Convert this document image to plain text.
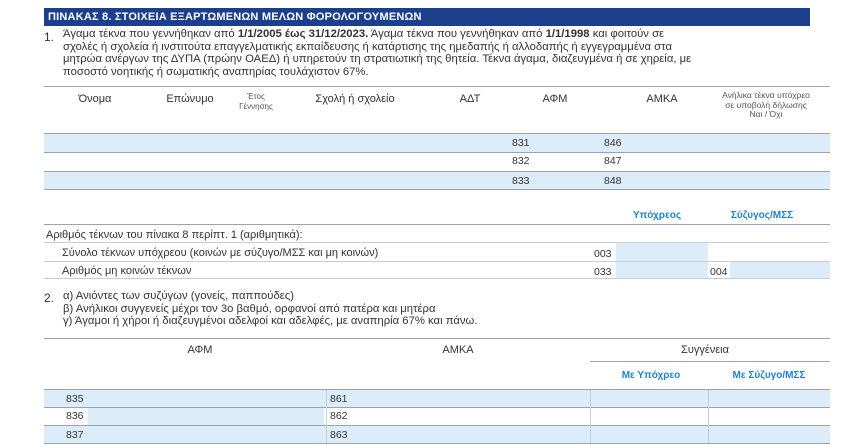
ΠΙΝΑΚΑΣ 8. ΣΤΟΙΧΕΙΑ ΕΞΑΡΤΩΜΕΝΩΝ ΜΕΛΩΝ ΦΟΡΟΛΟΓΟΥΜΕΝΩΝ
1. Άγαμα τέκνα που γεννήθηκαν από 1/1/2005 έως 31/12/2023. Άγαμα τέκνα που γεννήθηκαν από 1/1/1998 και φοιτούν σε
σχολές ή σχολεία ή ινστιτούτα επαγγελματικής εκπαίδευσης ή κατάρτισης της ημεδαπής ή αλλοδαπής ή εγγεγραμμένα στα
μητρώα ανέργων της ΔΥΠΑ (πρώην ΟΑΕΔ) ή υπηρετούν τη στρατιωτική της θητεία. Τέκνα άγαμα, διαζευγμένα ή σε χηρεία, με
ποσοστό νοητικής ή σωματικής αναπηρίας τουλάχιστον 67%.
Όνομα	Επώνυμο	Έτος
Γέννησης
Σχολή ή σχολείο	ΑΔΤ	ΑΦΜ	ΑΜΚΑ	Ανήλικα τέκνα υπόχρεο
σε υποβολή δήλωσης
Ναι / Όχι
831	846
832	847
833	848
Υπόχρεος	Σύζυγος/ΜΣΣ
Αριθμός τέκνων του πίνακα 8 περίπτ. 1 (αριθμητικά):
Σύνολο τέκνων υπόχρεου (κοινών με σύζυγο/ΜΣΣ και μη κοινών)	003
Αριθμός μη κοινών τέκνων	033	004
2. α) Ανιόντες των συζύγων (γονείς, παππούδες)
β) Ανήλικοι συγγενείς μέχρι τον 3ο βαθμό, ορφανοί από πατέρα και μητέρα
γ) Άγαμοι ή χήροι ή διαζευγμένοι αδελφοί και αδελφές, με αναπηρία 67% και πάνω.
ΑΦΜ	ΑΜΚΑ	Συγγένεια
Με Υπόχρεο	Με Σύζυγο/ΜΣΣ
835	861
836	862
837	863
